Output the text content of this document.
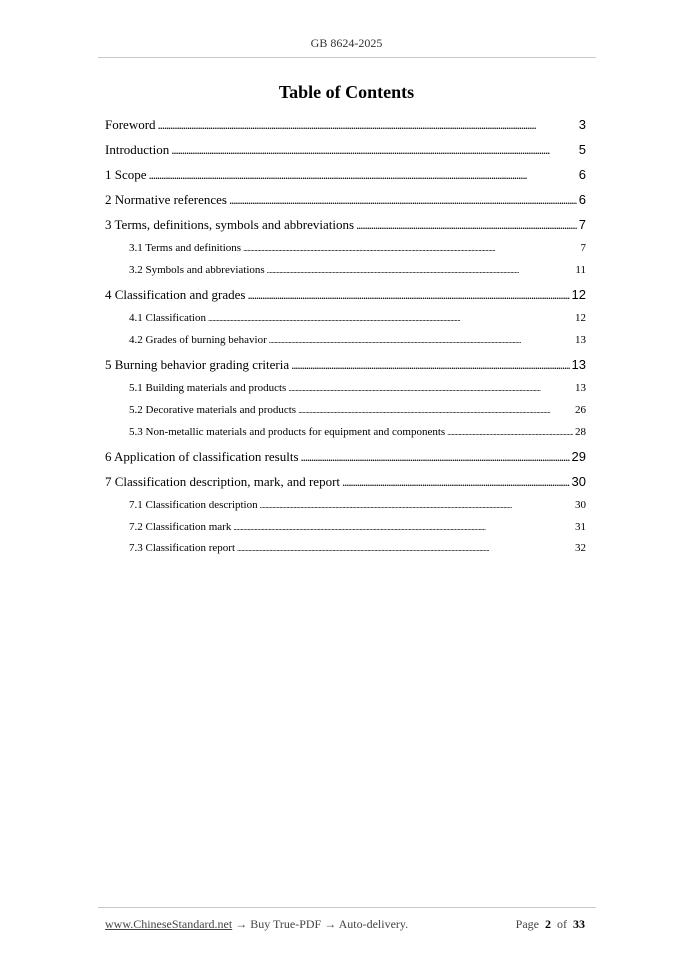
GB 8624-2025
Table of Contents
Foreword . . .	3
Introduction . . .	5
1 Scope . . .	6
2 Normative references . . .	6
3 Terms, definitions, symbols and abbreviations . . .	7
3.1 Terms and definitions . . .	7
3.2 Symbols and abbreviations . . .	11
4 Classification and grades . . .	12
4.1 Classification . . .	12
4.2 Grades of burning behavior . . .	13
5 Burning behavior grading criteria . . .	13
5.1 Building materials and products . . .	13
5.2 Decorative materials and products . . .	26
5.3 Non-metallic materials and products for equipment and components . . .	28
6 Application of classification results . . .	29
7 Classification description, mark, and report . . .	30
7.1 Classification description . . .	30
7.2 Classification mark . . .	31
7.3 Classification report . . .	32
www.ChineseStandard.net → Buy True-PDF → Auto-delivery.	Page 2 of 33
